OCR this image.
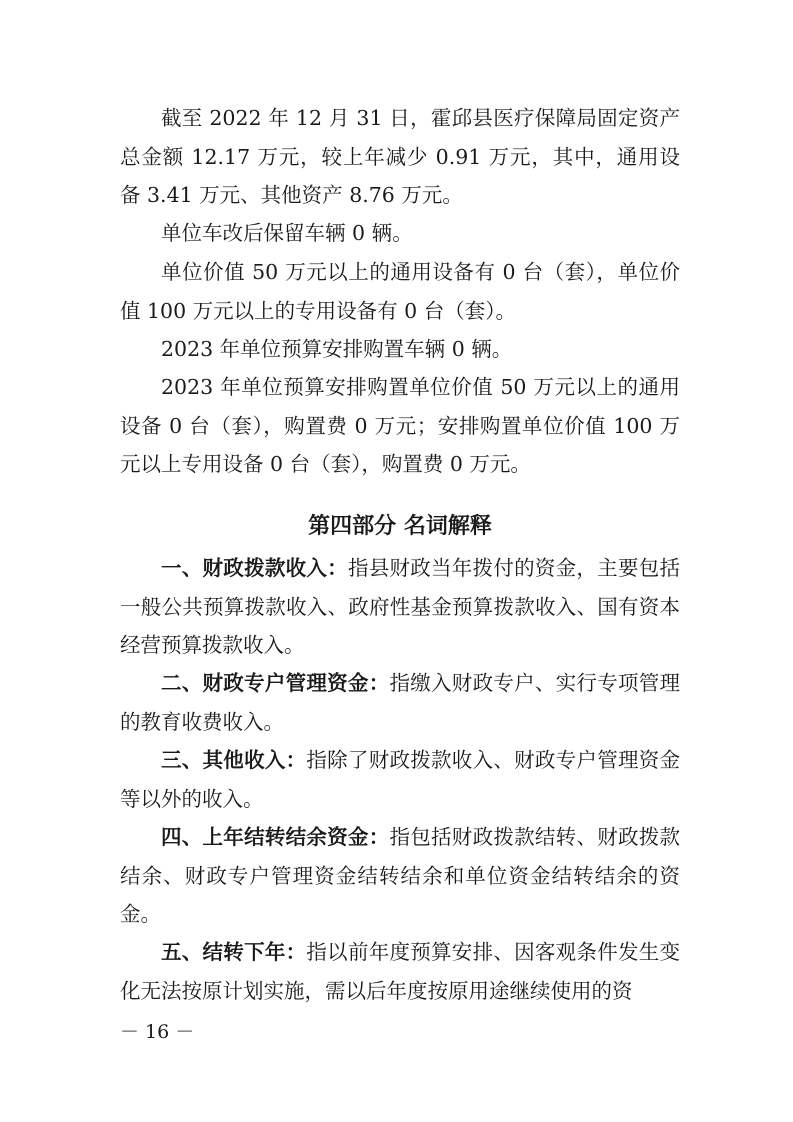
截至 2022 年 12 月 31 日，霍邱县医疗保障局固定资产总金额 12.17 万元，较上年减少 0.91 万元，其中，通用设备 3.41 万元、其他资产 8.76 万元。

单位车改后保留车辆 0 辆。

单位价值 50 万元以上的通用设备有 0 台（套），单位价值 100 万元以上的专用设备有 0 台（套）。

2023 年单位预算安排购置车辆 0 辆。

2023 年单位预算安排购置单位价值 50 万元以上的通用设备 0 台（套），购置费 0 万元；安排购置单位价值 100 万元以上专用设备 0 台（套），购置费 0 万元。

第四部分 名词解释

一、财政拨款收入：指县财政当年拨付的资金，主要包括一般公共预算拨款收入、政府性基金预算拨款收入、国有资本经营预算拨款收入。

二、财政专户管理资金：指缴入财政专户、实行专项管理的教育收费收入。

三、其他收入：指除了财政拨款收入、财政专户管理资金等以外的收入。

四、上年结转结余资金：指包括财政拨款结转、财政拨款结余、财政专户管理资金结转结余和单位资金结转结余的资金。

五、结转下年：指以前年度预算安排、因客观条件发生变化无法按原计划实施，需以后年度按原用途继续使用的资

－ 16 －
